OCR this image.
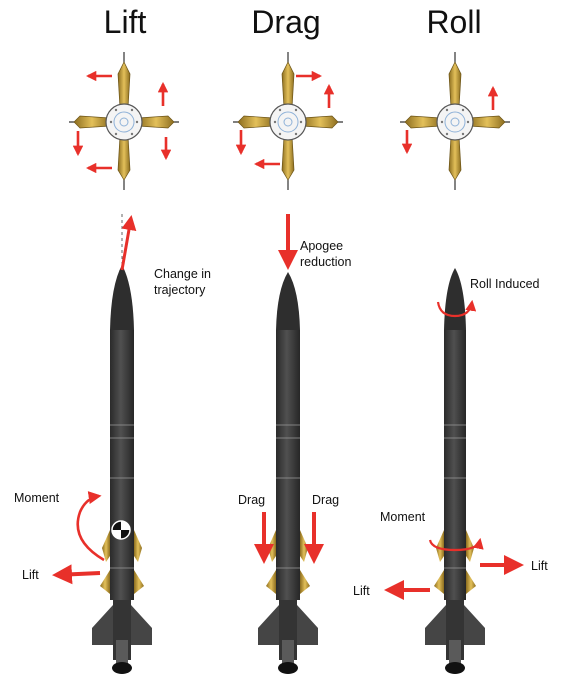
Lift	Drag	Roll
Change in
trajectory
Moment
Lift
Apogee
reduction
Drag	Drag
Roll Induced
Moment
Lift
Lift
